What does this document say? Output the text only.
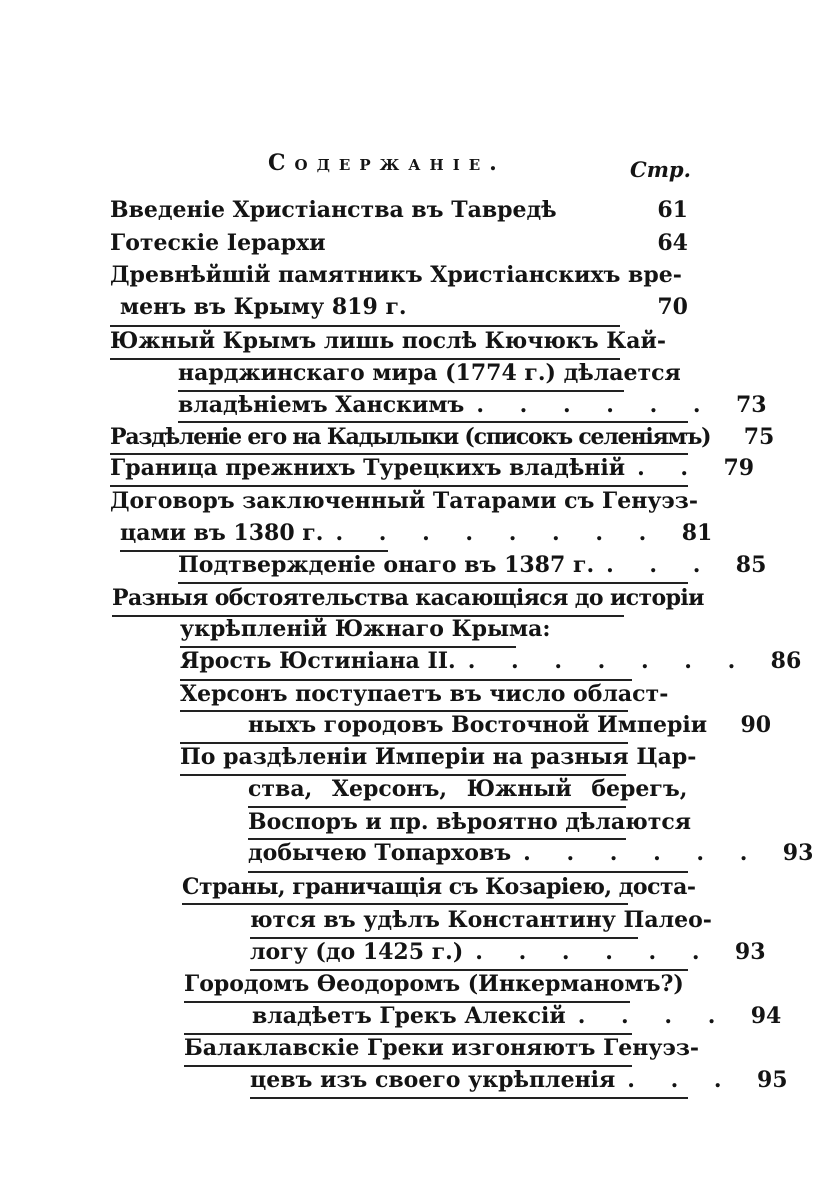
Содержаніе.	Стр.
Введеніе Христіанства въ Тавредѣ	61
Готескіе Іерархи	64
Древнѣйшій памятникъ Христіанскихъ вре-
менъ въ Крыму 819 г.	70
Южный Крымъ лишь послѣ Кючюкъ Кай-
нарджинскаго мира (1774 г.) дѣлается
владѣніемъ Ханскимъ . . . . . . 73
Раздѣленіе его на Кадылыки (списокъ селеніямъ)	75
Граница прежнихъ Турецкихъ владѣній . . 79
Договоръ заключенный Татарами съ Генуэз-
цами въ 1380 г. . . . . . . . . 81
Подтвержденіе онаго въ 1387 г. . . . 85
Разныя обстоятельства касающіяся до исторіи
укрѣпленій Южнаго Крыма:
Ярость Юстиніана II. . . . . . . . 86
Херсонъ поступаетъ въ число област-
ныхъ городовъ Восточной Имперіи	90
По раздѣленіи Имперіи на разныя Цар-
ства, Херсонъ, Южный берегъ,
Воспоръ и пр. вѣроятно дѣлаются
добычею Топарховъ . . . . . . 93
Страны, граничащія съ Козаріею, доста-
ются въ удѣлъ Константину Палео-
логу (до 1425 г.) . . . . . . 93
Городомъ Ѳеодоромъ (Инкерманомъ?)
владѣетъ Грекъ Алексій . . . . 94
Балаклавскіе Греки изгоняютъ Генуэз-
цевъ изъ своего укрѣпленія . . . 95
